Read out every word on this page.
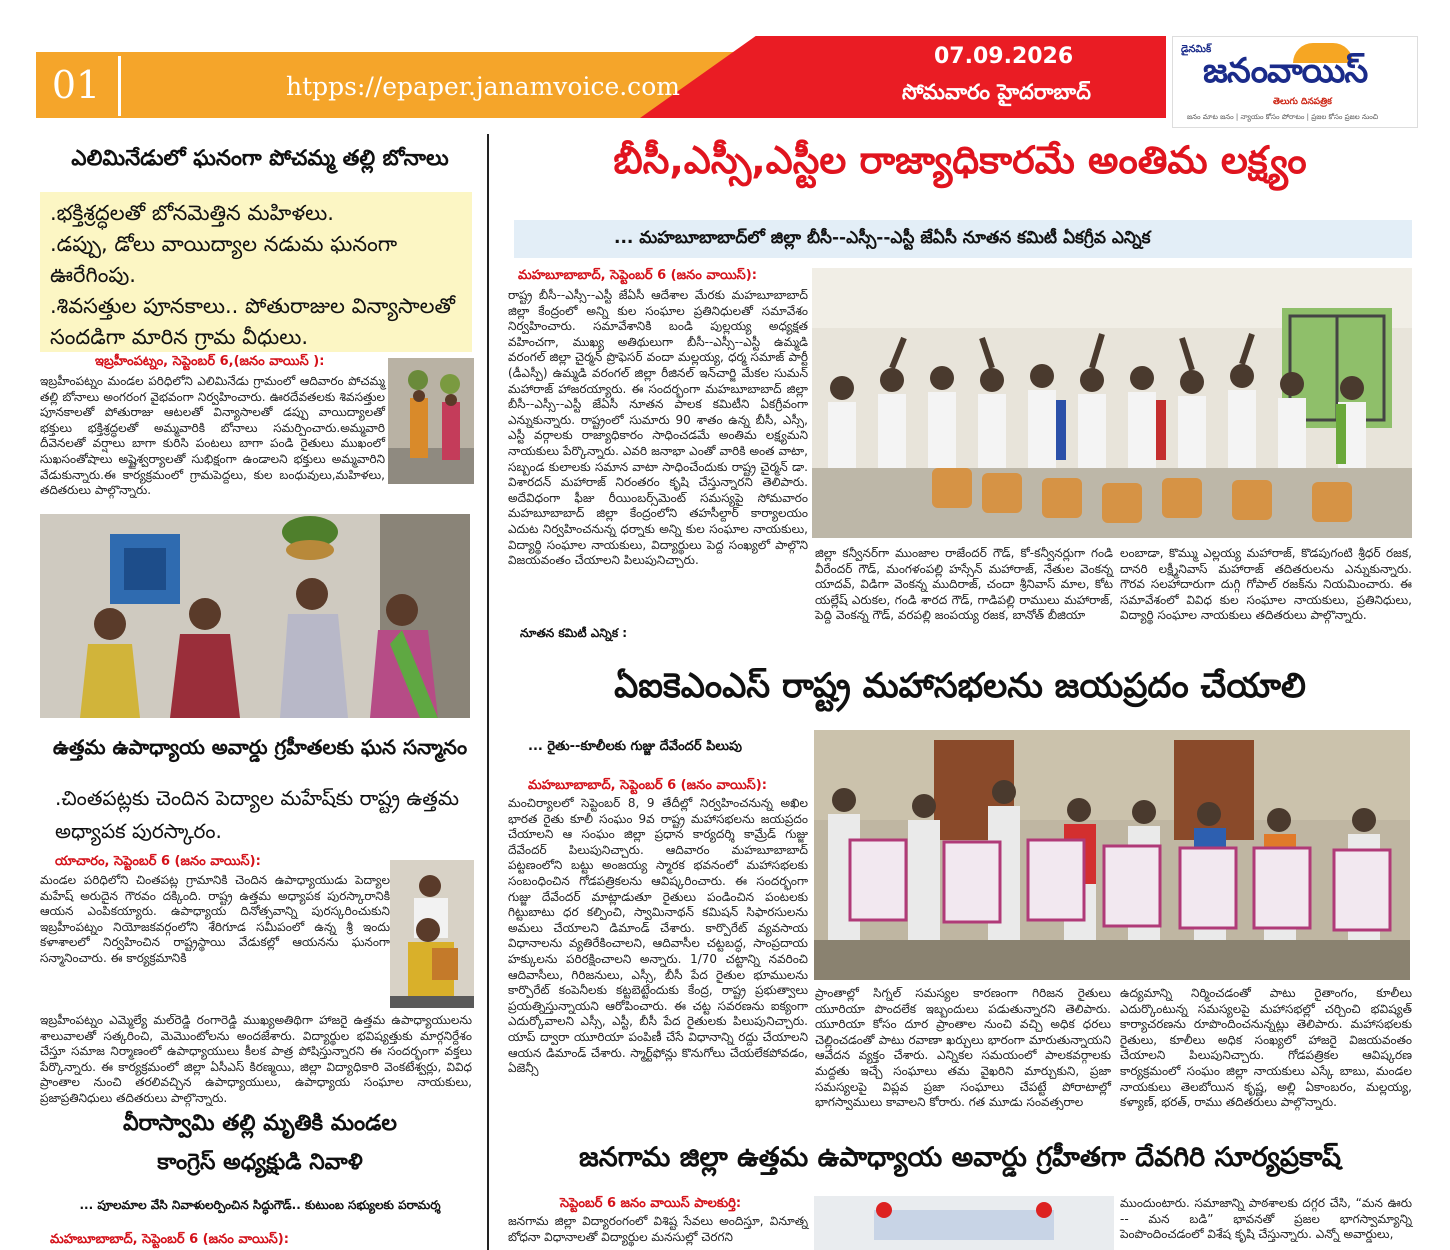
01	htpps://epaper.janamvoice.com
07.09.2026
సోమవారం హైదరాబాద్
డైనమిక్
జనంవాయిస్
తెలుగు దినపత్రిక
జనం మాట జనం | న్యాయం కోసం పోరాటం | ప్రజల కోసం ప్రజల నుంచి
ఎలిమినేడులో ఘనంగా పోచమ్మ తల్లి బోనాలు
.భక్తిశ్రద్ధలతో బోనమెత్తిన మహిళలు.
.డప్పు, డోలు వాయిద్యాల నడుమ ఘనంగా ఊరేగింపు.
.శివసత్తుల పూనకాలు.. పోతురాజుల విన్యాసాలతో సందడిగా మారిన గ్రామ వీధులు.
ఇబ్రహీంపట్నం, సెప్టెంబర్ 6,(జనం వాయిస్ ):
ఇబ్రహీంపట్నం మండల పరిధిలోని ఎలిమినేడు గ్రామంలో ఆదివారం పోచమ్మ తల్లి బోనాలు అంగరంగ వైభవంగా నిర్వహించారు. ఊరదేవతలకు శివసత్తుల పూనకాలతో పోతురాజు ఆటలతో విన్యాసాలతో డప్పు వాయిద్యాలతో భక్తులు భక్తిశ్రద్ధలతో అమ్మవారికి బోనాలు సమర్పించారు.అమ్మవారి దీవెనలతో వర్షాలు బాగా కురిసి పంటలు బాగా పండి రైతులు ముఖంలో సుఖసంతోషాలు అష్టైశ్వర్యాలతో సుభిక్షంగా ఉండాలని భక్తులు అమ్మవారిని వేడుకున్నారు.ఈ కార్యక్రమంలో గ్రామపెద్దలు, కుల బంధువులు,మహిళలు, తదితరులు పాల్గొన్నారు.
ఉత్తమ ఉపాధ్యాయ అవార్డు గ్రహీతలకు ఘన సన్మానం
.చింతపట్లకు చెందిన పెద్యాల మహేష్‌కు రాష్ట్ర ఉత్తమ అధ్యాపక పురస్కారం.
యాచారం, సెప్టెంబర్ 6 (జనం వాయిస్):
మండల పరిధిలోని చింతపట్ల గ్రామానికి చెందిన ఉపాధ్యాయుడు పెద్యాల మహేష్ అరుదైన గౌరవం దక్కింది. రాష్ట్ర ఉత్తమ అధ్యాపక పురస్కారానికి ఆయన ఎంపికయ్యారు. ఉపాధ్యాయ దినోత్సవాన్ని పురస్కరించుకుని ఇబ్రహీంపట్నం నియోజకవర్గంలోని శేరిగూడ సమీపంలో ఉన్న శ్రీ ఇందు కళాశాలలో నిర్వహించిన రాష్ట్రస్థాయి వేడుకల్లో ఆయనను ఘనంగా సన్మానించారు. ఈ కార్యక్రమానికి
ఇబ్రహీంపట్నం ఎమ్మెల్యే మల్‌రెడ్డి రంగారెడ్డి ముఖ్యఅతిథిగా హాజరై ఉత్తమ ఉపాధ్యాయులను శాలువాలతో సత్కరించి, మెమొంటోలను అందజేశారు. విద్యార్థుల భవిష్యత్తుకు మార్గనిర్దేశం చేస్తూ సమాజ నిర్మాణంలో ఉపాధ్యాయులు కీలక పాత్ర పోషిస్తున్నారని ఈ సందర్భంగా వక్తలు పేర్కొన్నారు. ఈ కార్యక్రమంలో జిల్లా ఏసీఎస్ కిరణ్మయి, జిల్లా విద్యాధికారి వెంకటేశ్వర్లు, వివిధ ప్రాంతాల నుంచి తరలివచ్చిన ఉపాధ్యాయులు, ఉపాధ్యాయ సంఘాల నాయకులు, ప్రజాప్రతినిధులు తదితరులు పాల్గొన్నారు.
వీరాస్వామి తల్లి మృతికి మండల
కాంగ్రెస్ అధ్యక్షుడి నివాళి
... పూలమాల వేసి నివాళులర్పించిన సిద్ధుగౌడ్.. కుటుంబ సభ్యులకు పరామర్శ
మహబూబాబాద్, సెప్టెంబర్ 6 (జనం వాయిస్):
బీసీ,ఎస్సీ,ఎస్టీల రాజ్యాధికారమే అంతిమ లక్ష్యం
... మహబూబాబాద్‌లో జిల్లా బీసీ--ఎస్సీ--ఎస్టీ జేఏసీ నూతన కమిటీ ఏకగ్రీవ ఎన్నిక
మహబూబాబాద్, సెప్టెంబర్ 6 (జనం వాయిస్):
రాష్ట్ర బీసీ--ఎస్సీ--ఎస్టీ జేఏసీ ఆదేశాల మేరకు మహబూబాబాద్ జిల్లా కేంద్రంలో అన్ని కుల సంఘాల ప్రతినిధులతో సమావేశం నిర్వహించారు. సమావేశానికి బండి పుల్లయ్య అధ్యక్షత వహించగా, ముఖ్య అతిథులుగా బీసీ--ఎస్సీ--ఎస్టీ ఉమ్మడి వరంగల్ జిల్లా చైర్మన్ ప్రొఫెసర్ వందా మల్లయ్య, ధర్మ సమాజ్ పార్టీ (డీఎస్పీ) ఉమ్మడి వరంగల్ జిల్లా రీజినల్ ఇన్‌చార్జి మేకల సుమన్ మహారాజ్ హాజరయ్యారు. ఈ సందర్భంగా మహబూబాబాద్ జిల్లా బీసీ--ఎస్సీ--ఎస్టీ జేఏసీ నూతన పాలక కమిటీని ఏకగ్రీవంగా ఎన్నుకున్నారు. రాష్ట్రంలో సుమారు 90 శాతం ఉన్న బీసీ, ఎస్సీ, ఎస్టీ వర్గాలకు రాజ్యాధికారం సాధించడమే అంతిమ లక్ష్యమని నాయకులు పేర్కొన్నారు. ఎవరి జనాభా ఎంతో వారికి అంత వాటా, సబ్బండ కులాలకు సమాన వాటా సాధించేందుకు రాష్ట్ర చైర్మన్ డా. విశారదన్ మహారాజ్ నిరంతరం కృషి చేస్తున్నారని తెలిపారు. అదేవిధంగా ఫీజు రీయింబర్స్‌మెంట్ సమస్యపై సోమవారం మహబూబాబాద్ జిల్లా కేంద్రంలోని తహసీల్దార్ కార్యాలయం ఎదుట నిర్వహించనున్న ధర్నాకు అన్ని కుల సంఘాల నాయకులు, విద్యార్థి సంఘాల నాయకులు, విద్యార్థులు పెద్ద సంఖ్యలో పాల్గొని విజయవంతం చేయాలని పిలుపునిచ్చారు.
జిల్లా కన్వీనర్‌గా ముంజాల రాజేందర్ గౌడ్, కో-కన్వీనర్లుగా గండి వీరేందర్ గౌడ్, మంగళంపల్లి హస్సేన్ మహారాజ్, నేతుల వెంకన్న యాదవ్, విడిగా వెంకన్న ముదిరాజ్, చందా శ్రీనివాస్ మాల, కోట యల్లేష్ ఎరుకల, గండి శారద గౌడ్, గాడిపల్లి రాములు మహారాజ్, పెద్ది వెంకన్న గౌడ్, వరపల్లి జంపయ్య రజక, బానోత్ బీజియా
లంబాడా, కొమ్ము ఎల్లయ్య మహారాజ్, కొడపుగంటి శ్రీధర్ రజక, దానరి లక్ష్మీనివాస్ మహారాజ్ తదితరులను ఎన్నుకున్నారు. గౌరవ సలహాదారుగా దుగ్గి గోపాల్ రజక్‌ను నియమించారు. ఈ సమావేశంలో వివిధ కుల సంఘాల నాయకులు, ప్రతినిధులు, విద్యార్థి సంఘాల నాయకులు తదితరులు పాల్గొన్నారు.
నూతన కమిటీ ఎన్నిక :
ఏఐకెఎంఎస్ రాష్ట్ర మహాసభలను జయప్రదం చేయాలి
... రైతు--కూలీలకు గుజ్జు దేవేందర్ పిలుపు
మహబూబాబాద్, సెప్టెంబర్ 6 (జనం వాయిస్):
మంచిర్యాలలో సెప్టెంబర్ 8, 9 తేదీల్లో నిర్వహించనున్న అఖిల భారత రైతు కూలీ సంఘం 9వ రాష్ట్ర మహాసభలను జయప్రదం చేయాలని ఆ సంఘం జిల్లా ప్రధాన కార్యదర్శి కామ్రేడ్ గుజ్జు దేవేందర్ పిలుపునిచ్చారు. ఆదివారం మహబూబాబాద్ పట్టణంలోని బట్టు అంజయ్య స్మారక భవనంలో మహాసభలకు సంబంధించిన గోడపత్రికలను ఆవిష్కరించారు. ఈ సందర్భంగా గుజ్జు దేవేందర్ మాట్లాడుతూ రైతులు పండించిన పంటలకు గిట్టుబాటు ధర కల్పించి, స్వామినాథన్ కమిషన్ సిఫారసులను అమలు చేయాలని డిమాండ్ చేశారు. కార్పొరేట్ వ్యవసాయ విధానాలను వ్యతిరేకించాలని, ఆదివాసీల చట్టబద్ధ, సాంప్రదాయ హక్కులను పరిరక్షించాలని అన్నారు. 1/70 చట్టాన్ని నవరించి ఆదివాసీలు, గిరిజనులు, ఎస్సీ, బీసీ పేద రైతుల భూములను కార్పొరేట్ కంపెనీలకు కట్టబెట్టేందుకు కేంద్ర, రాష్ట్ర ప్రభుత్వాలు ప్రయత్నిస్తున్నాయని ఆరోపించారు. ఈ చట్ట సవరణను ఐక్యంగా ఎదుర్కోవాలని ఎస్సీ, ఎస్టీ, బీసీ పేద రైతులకు పిలుపునిచ్చారు. యాప్ ద్వారా యూరియా పంపిణీ చేసే విధానాన్ని రద్దు చేయాలని ఆయన డిమాండ్ చేశారు. స్మార్ట్‌ఫోన్లు కొనుగోలు చేయలేకపోవడం, ఏజెన్సీ
ప్రాంతాల్లో సిగ్నల్ సమస్యల కారణంగా గిరిజన రైతులు యూరియా పొందలేక ఇబ్బందులు పడుతున్నారని తెలిపారు. యూరియా కోసం దూర ప్రాంతాల నుంచి వచ్చి అధిక ధరలు చెల్లించడంతో పాటు రవాణా ఖర్చులు భారంగా మారుతున్నాయని ఆవేదన వ్యక్తం చేశారు. ఎన్నికల సమయంలో పాలకవర్గాలకు మద్దతు ఇచ్చే సంఘాలు తమ వైఖరిని మార్చుకుని, ప్రజా సమస్యలపై విప్లవ ప్రజా సంఘాలు చేపట్టే పోరాటాల్లో భాగస్వాములు కావాలని కోరారు. గత మూడు సంవత్సరాల
ఉద్యమాన్ని నిర్మించడంతో పాటు రైతాంగం, కూలీలు ఎదుర్కొంటున్న సమస్యలపై మహాసభల్లో చర్చించి భవిష్యత్ కార్యాచరణను రూపొందించనున్నట్లు తెలిపారు. మహాసభలకు రైతులు, కూలీలు అధిక సంఖ్యలో హాజరై విజయవంతం చేయాలని పిలుపునిచ్చారు. గోడపత్రికల ఆవిష్కరణ కార్యక్రమంలో సంఘం జిల్లా నాయకులు ఎస్కే బాబు, మండల నాయకులు తెలబోయిన కృష్ణ, అల్లి ఏకాంబరం, మల్లయ్య, కళ్యాణ్, భరత్, రాము తదితరులు పాల్గొన్నారు.
జనగామ జిల్లా ఉత్తమ ఉపాధ్యాయ అవార్డు గ్రహీతగా దేవగిరి సూర్యప్రకాష్
సెప్టెంబర్ 6 జనం వాయిస్ పాలకుర్తి:
జనగామ జిల్లా విద్యారంగంలో విశిష్ట సేవలు అందిస్తూ, వినూత్న బోధనా విధానాలతో విద్యార్థుల మనసుల్లో చెరగని
ముందుంటారు. సమాజాన్ని పాఠశాలకు దగ్గర చేసి, “మన ఊరు -- మన బడి” భావనతో ప్రజల భాగస్వామ్యాన్ని పెంపొందించడంలో విశేష కృషి చేస్తున్నారు. ఎన్నో అవార్డులు,
